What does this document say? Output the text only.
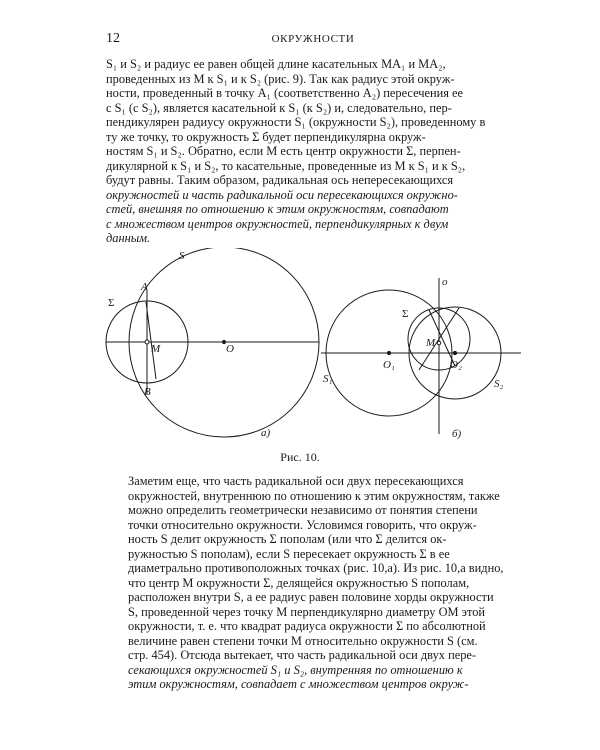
12	ОКРУЖНОСТИ
S₁ и S₂ и радиус ее равен общей длине касательных MA₁ и MA₂,
проведенных из M к S₁ и к S₂ (рис. 9). Так как радиус этой окруж-
ности, проведенный в точку A₁ (соответственно A₂) пересечения ее
с S₁ (с S₂), является касательной к S₁ (к S₂) и, следовательно, пер-
пендикулярен радиусу окружности S₁ (окружности S₂), проведенному в
ту же точку, то окружность Σ будет перпендикулярна окруж-
ностям S₁ и S₂. Обратно, если M есть центр окружности Σ, перпен-
дикулярной к S₁ и S₂, то касательные, проведенные из M к S₁ и к S₂,
будут равны. Таким образом, радикальная ось непересекающихся
окружностей и часть радикальной оси пересекающихся окружно-
стей, внешняя по отношению к этим окружностям, совпадают
с множеством центров окружностей, перпендикулярных к двум
данным.
S
Σ
A
B
M	O
а)
о
Σ
M
O₁	O₂
S₁	S₂
б)
Рис. 10.
Заметим еще, что часть радикальной оси двух пересекающихся
окружностей, внутреннюю по отношению к этим окружностям, также
можно определить геометрически независимо от понятия степени
точки относительно окружности. Условимся говорить, что окруж-
ность S делит окружность Σ пополам (или что Σ делится ок-
ружностью S пополам), если S пересекает окружность Σ в ее
диаметрально противоположных точках (рис. 10,а). Из рис. 10,а видно,
что центр M окружности Σ, делящейся окружностью S пополам,
расположен внутри S, а ее радиус равен половине хорды окружности
S, проведенной через точку M перпендикулярно диаметру OM этой
окружности, т. е. что квадрат радиуса окружности Σ по абсолютной
величине равен степени точки M относительно окружности S (см.
стр. 454). Отсюда вытекает, что часть радикальной оси двух пере-
секающихся окружностей S₁ и S₂, внутренняя по отношению к
этим окружностям, совпадает с множеством центров окруж-
